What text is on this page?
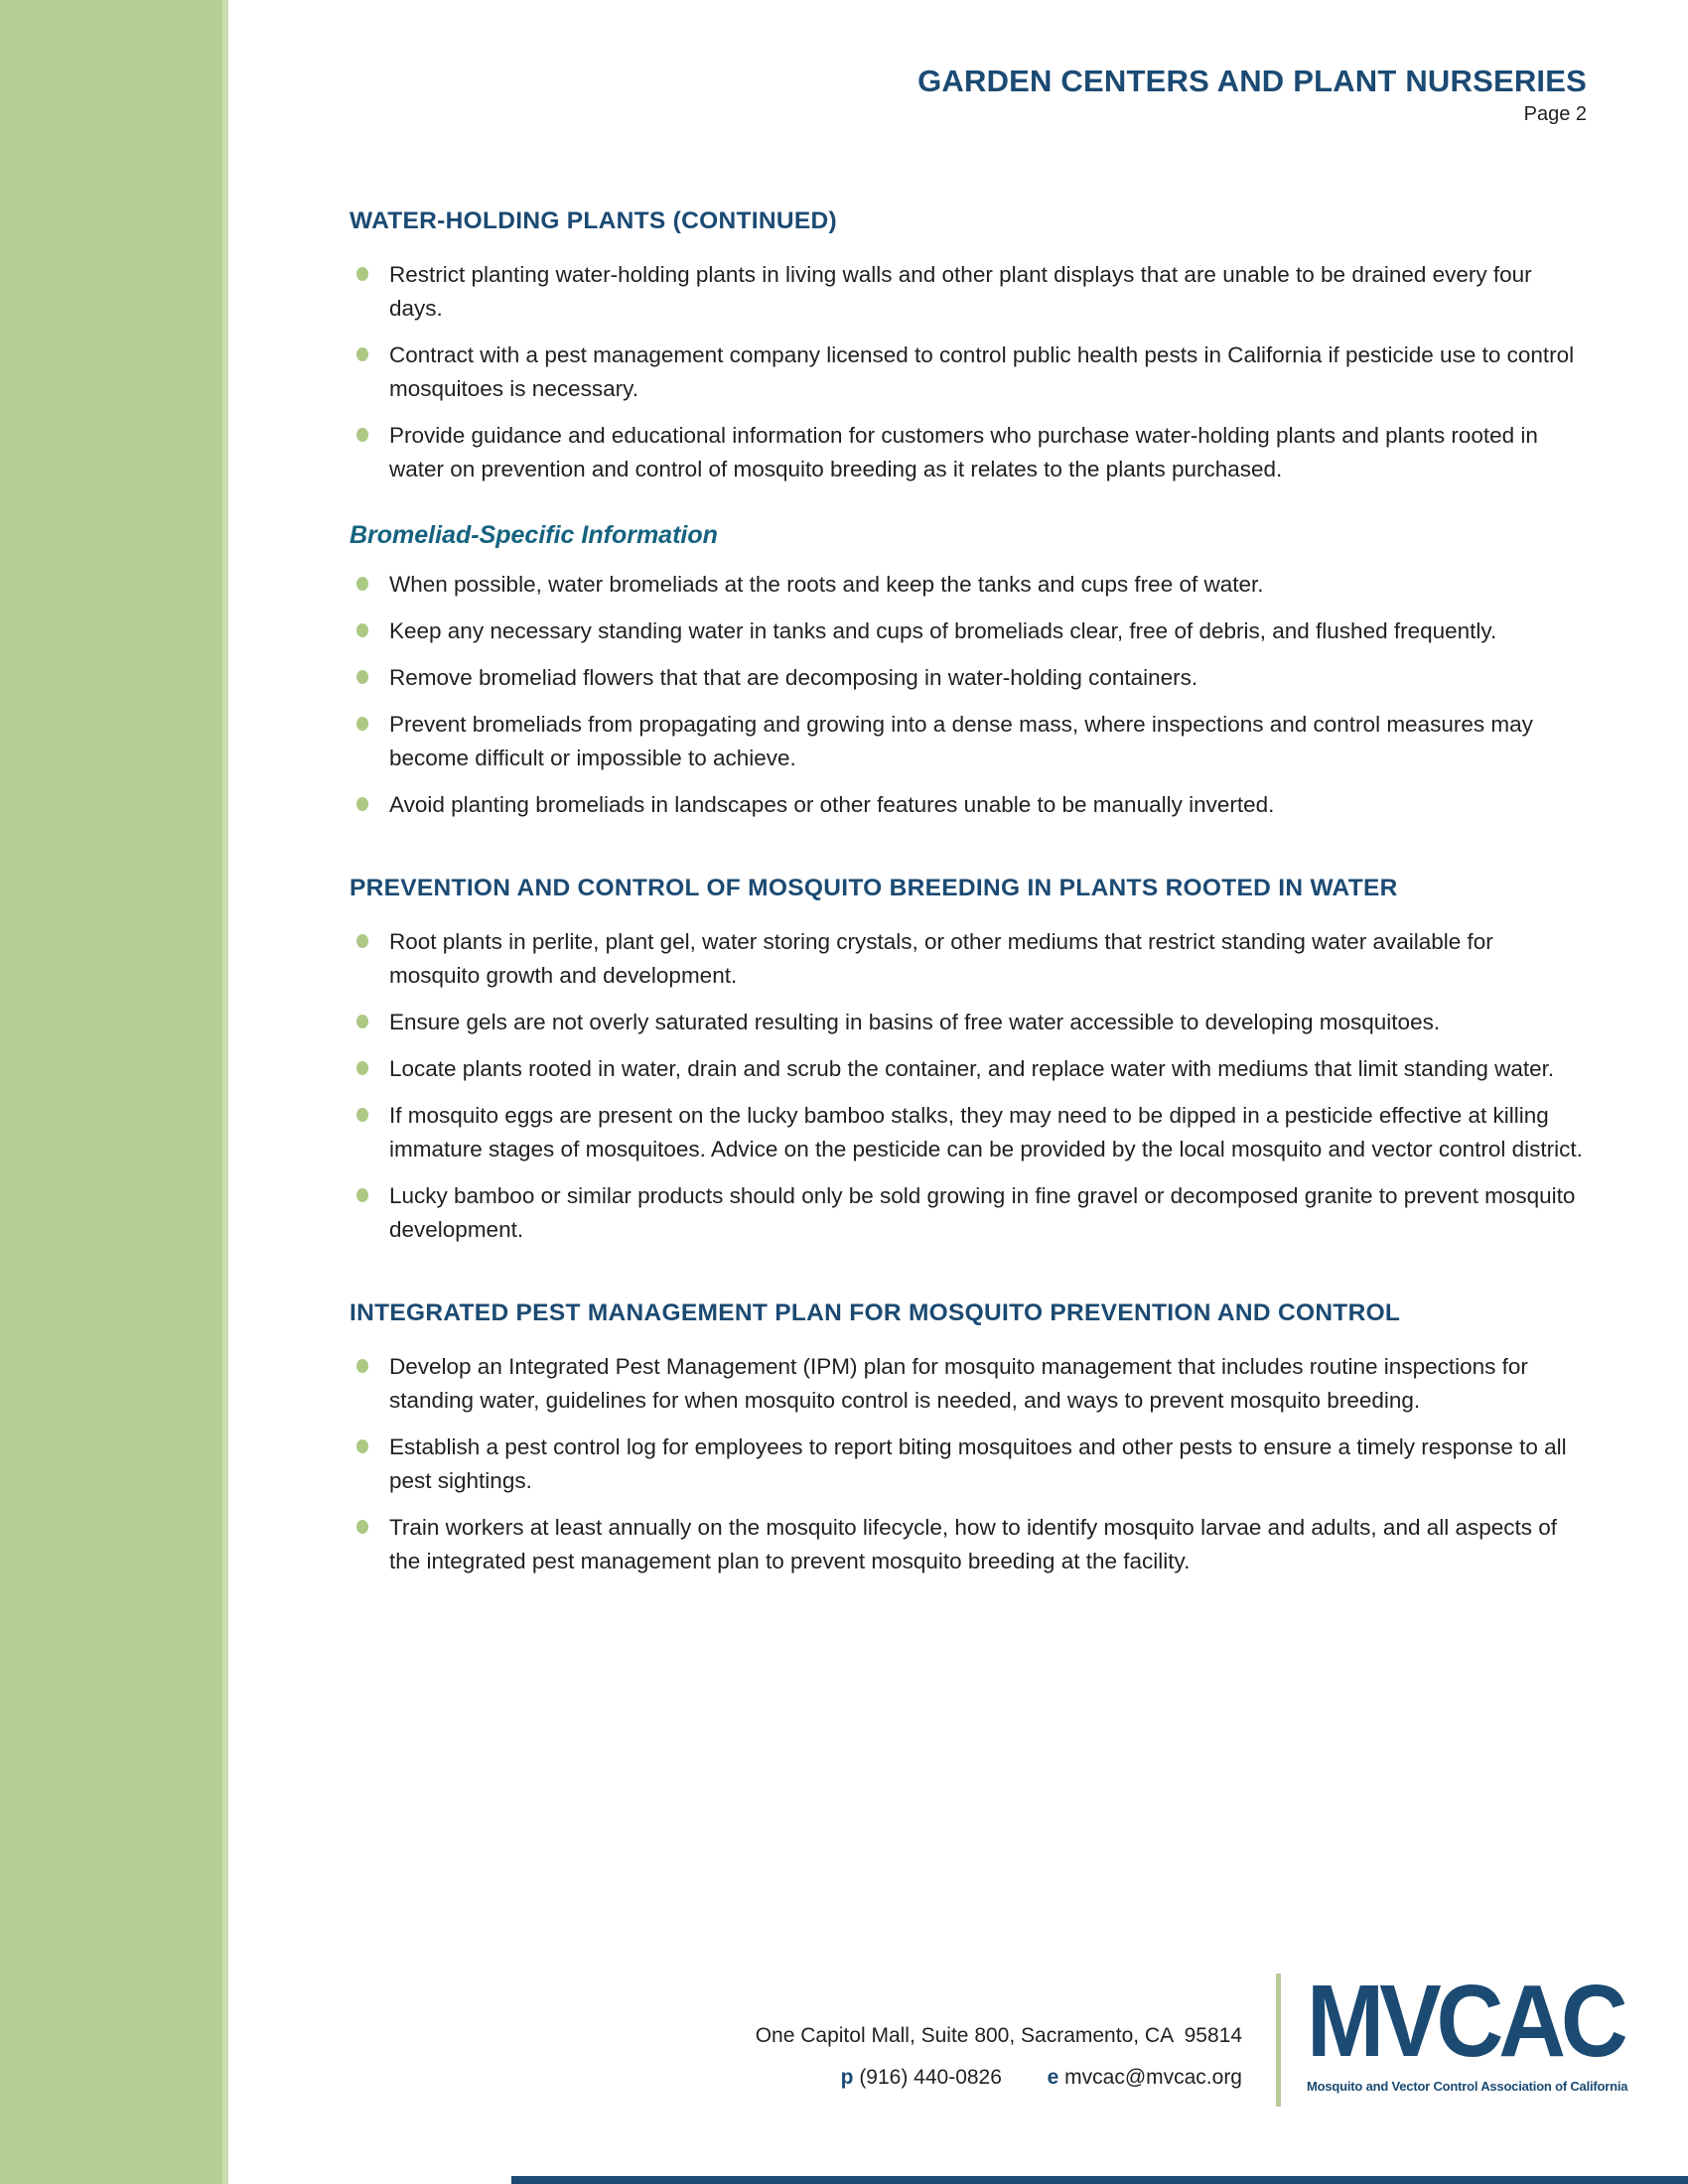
GARDEN CENTERS AND PLANT NURSERIES
Page 2
WATER-HOLDING PLANTS (CONTINUED)
Restrict planting water-holding plants in living walls and other plant displays that are unable to be drained every four days.
Contract with a pest management company licensed to control public health pests in California if pesticide use to control mosquitoes is necessary.
Provide guidance and educational information for customers who purchase water-holding plants and plants rooted in water on prevention and control of mosquito breeding as it relates to the plants purchased.
Bromeliad-Specific Information
When possible, water bromeliads at the roots and keep the tanks and cups free of water.
Keep any necessary standing water in tanks and cups of bromeliads clear, free of debris, and flushed frequently.
Remove bromeliad flowers that that are decomposing in water-holding containers.
Prevent bromeliads from propagating and growing into a dense mass, where inspections and control measures may become difficult or impossible to achieve.
Avoid planting bromeliads in landscapes or other features unable to be manually inverted.
PREVENTION AND CONTROL OF MOSQUITO BREEDING IN PLANTS ROOTED IN WATER
Root plants in perlite, plant gel, water storing crystals, or other mediums that restrict standing water available for mosquito growth and development.
Ensure gels are not overly saturated resulting in basins of free water accessible to developing mosquitoes.
Locate plants rooted in water, drain and scrub the container, and replace water with mediums that limit standing water.
If mosquito eggs are present on the lucky bamboo stalks, they may need to be dipped in a pesticide effective at killing immature stages of mosquitoes. Advice on the pesticide can be provided by the local mosquito and vector control district.
Lucky bamboo or similar products should only be sold growing in fine gravel or decomposed granite to prevent mosquito development.
INTEGRATED PEST MANAGEMENT PLAN FOR MOSQUITO PREVENTION AND CONTROL
Develop an Integrated Pest Management (IPM) plan for mosquito management that includes routine inspections for standing water, guidelines for when mosquito control is needed, and ways to prevent mosquito breeding.
Establish a pest control log for employees to report biting mosquitoes and other pests to ensure a timely response to all pest sightings.
Train workers at least annually on the mosquito lifecycle, how to identify mosquito larvae and adults, and all aspects of the integrated pest management plan to prevent mosquito breeding at the facility.
One Capitol Mall, Suite 800, Sacramento, CA  95814
p (916) 440-0826 e mvcac@mvcac.org MVCAC
Mosquito and Vector Control Association of California
